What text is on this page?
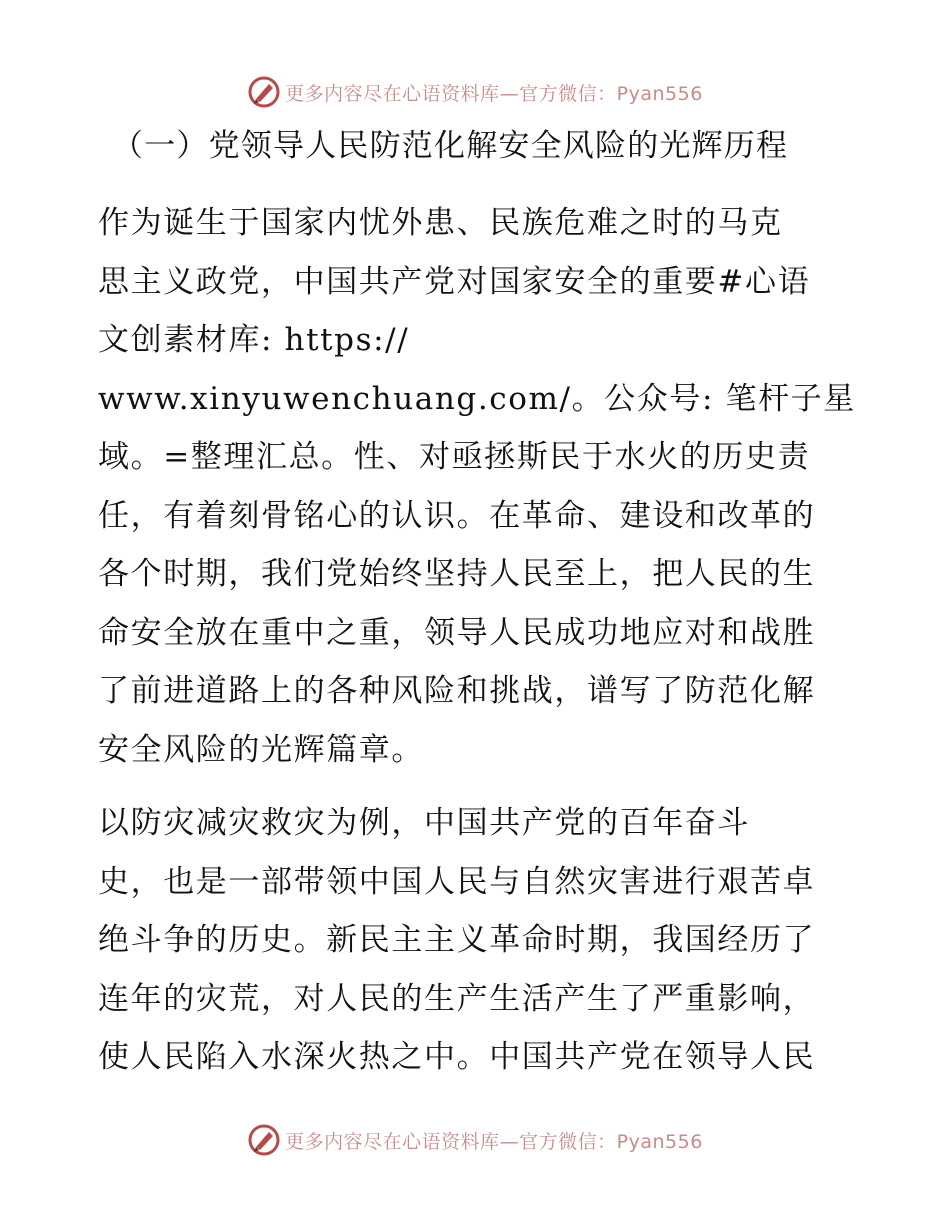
更多内容尽在心语资料库—官方微信：Pyan556
（一）党领导人民防范化解安全风险的光辉历程
作为诞生于国家内忧外患、民族危难之时的马克
思主义政党，中国共产党对国家安全的重要#心语
文创素材库: https://
www.xinyuwenchuang.com/。公众号: 笔杆子星
域。=整理汇总。性、对亟拯斯民于水火的历史责
任，有着刻骨铭心的认识。在革命、建设和改革的
各个时期，我们党始终坚持人民至上，把人民的生
命安全放在重中之重，领导人民成功地应对和战胜
了前进道路上的各种风险和挑战，谱写了防范化解
安全风险的光辉篇章。
以防灾减灾救灾为例，中国共产党的百年奋斗
史，也是一部带领中国人民与自然灾害进行艰苦卓
绝斗争的历史。新民主主义革命时期，我国经历了
连年的灾荒，对人民的生产生活产生了严重影响，
使人民陷入水深火热之中。中国共产党在领导人民
更多内容尽在心语资料库—官方微信：Pyan556
